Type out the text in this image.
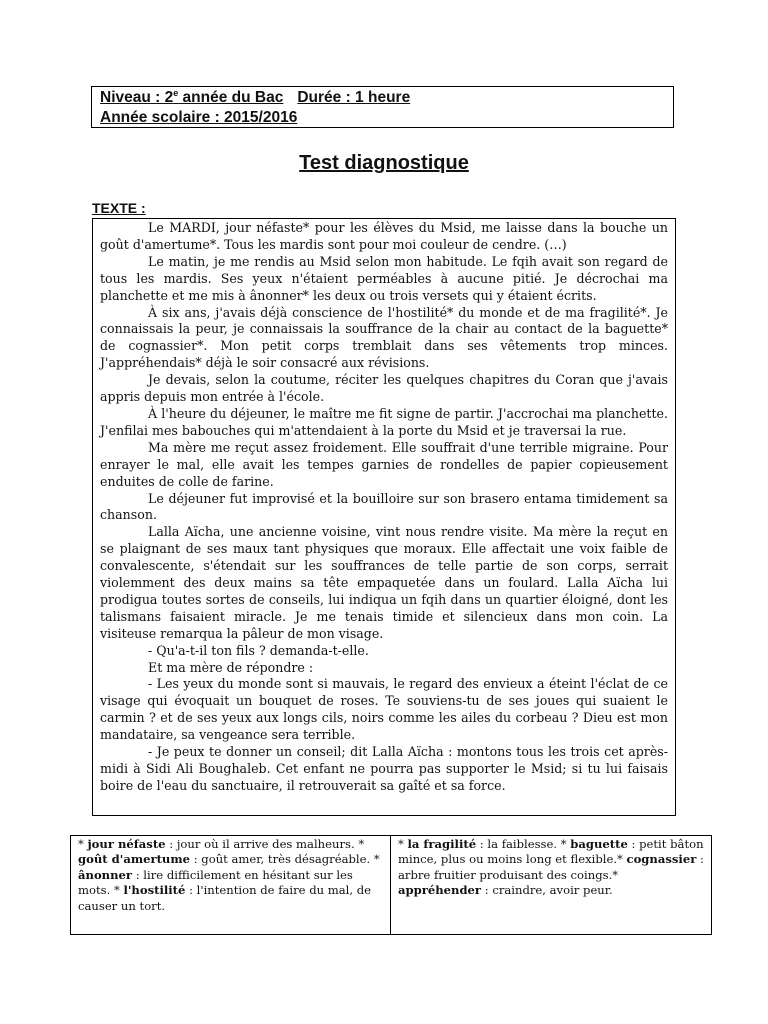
Niveau : 2e année du Bac Durée : 1 heure
Année scolaire : 2015/2016
Test diagnostique
TEXTE :

Le MARDI, jour néfaste* pour les élèves du Msid, me laisse dans la bouche un goût d'amertume*. Tous les mardis sont pour moi couleur de cendre. (…)

Le matin, je me rendis au Msid selon mon habitude. Le fqih avait son regard de tous les mardis. Ses yeux n'étaient perméables à aucune pitié. Je décrochai ma planchette et me mis à ânonner* les deux ou trois versets qui y étaient écrits.

À six ans, j'avais déjà conscience de l'hostilité* du monde et de ma fragilité*. Je connaissais la peur, je connaissais la souffrance de la chair au contact de la baguette* de cognassier*. Mon petit corps tremblait dans ses vêtements trop minces. J'appréhendais* déjà le soir consacré aux révisions.

Je devais, selon la coutume, réciter les quelques chapitres du Coran que j'avais appris depuis mon entrée à l'école.

À l'heure du déjeuner, le maître me fit signe de partir. J'accrochai ma planchette. J'enfilai mes babouches qui m'attendaient à la porte du Msid et je traversai la rue.

Ma mère me reçut assez froidement. Elle souffrait d'une terrible migraine. Pour enrayer le mal, elle avait les tempes garnies de rondelles de papier copieusement enduites de colle de farine.

Le déjeuner fut improvisé et la bouilloire sur son brasero entama timidement sa chanson.

Lalla Aïcha, une ancienne voisine, vint nous rendre visite. Ma mère la reçut en se plaignant de ses maux tant physiques que moraux. Elle affectait une voix faible de convalescente, s'étendait sur les souffrances de telle partie de son corps, serrait violemment des deux mains sa tête empaquetée dans un foulard. Lalla Aïcha lui prodigua toutes sortes de conseils, lui indiqua un fqih dans un quartier éloigné, dont les talismans faisaient miracle. Je me tenais timide et silencieux dans mon coin. La visiteuse remarqua la pâleur de mon visage.

- Qu'a-t-il ton fils ? demanda-t-elle.

Et ma mère de répondre :

- Les yeux du monde sont si mauvais, le regard des envieux a éteint l'éclat de ce visage qui évoquait un bouquet de roses. Te souviens-tu de ses joues qui suaient le carmin ? et de ses yeux aux longs cils, noirs comme les ailes du corbeau ? Dieu est mon mandataire, sa vengeance sera terrible.

- Je peux te donner un conseil; dit Lalla Aïcha : montons tous les trois cet après-midi à Sidi Ali Boughaleb. Cet enfant ne pourra pas supporter le Msid; si tu lui faisais boire de l'eau du sanctuaire, il retrouverait sa gaîté et sa force.

* jour néfaste : jour où il arrive des malheurs. * goût d'amertume : goût amer, très désagréable. * ânonner : lire difficilement en hésitant sur les mots. * l'hostilité : l'intention de faire du mal, de causer un tort.
* la fragilité : la faiblesse. * baguette : petit bâton mince, plus ou moins long et flexible.* cognassier : arbre fruitier produisant des coings.* appréhender : craindre, avoir peur.
